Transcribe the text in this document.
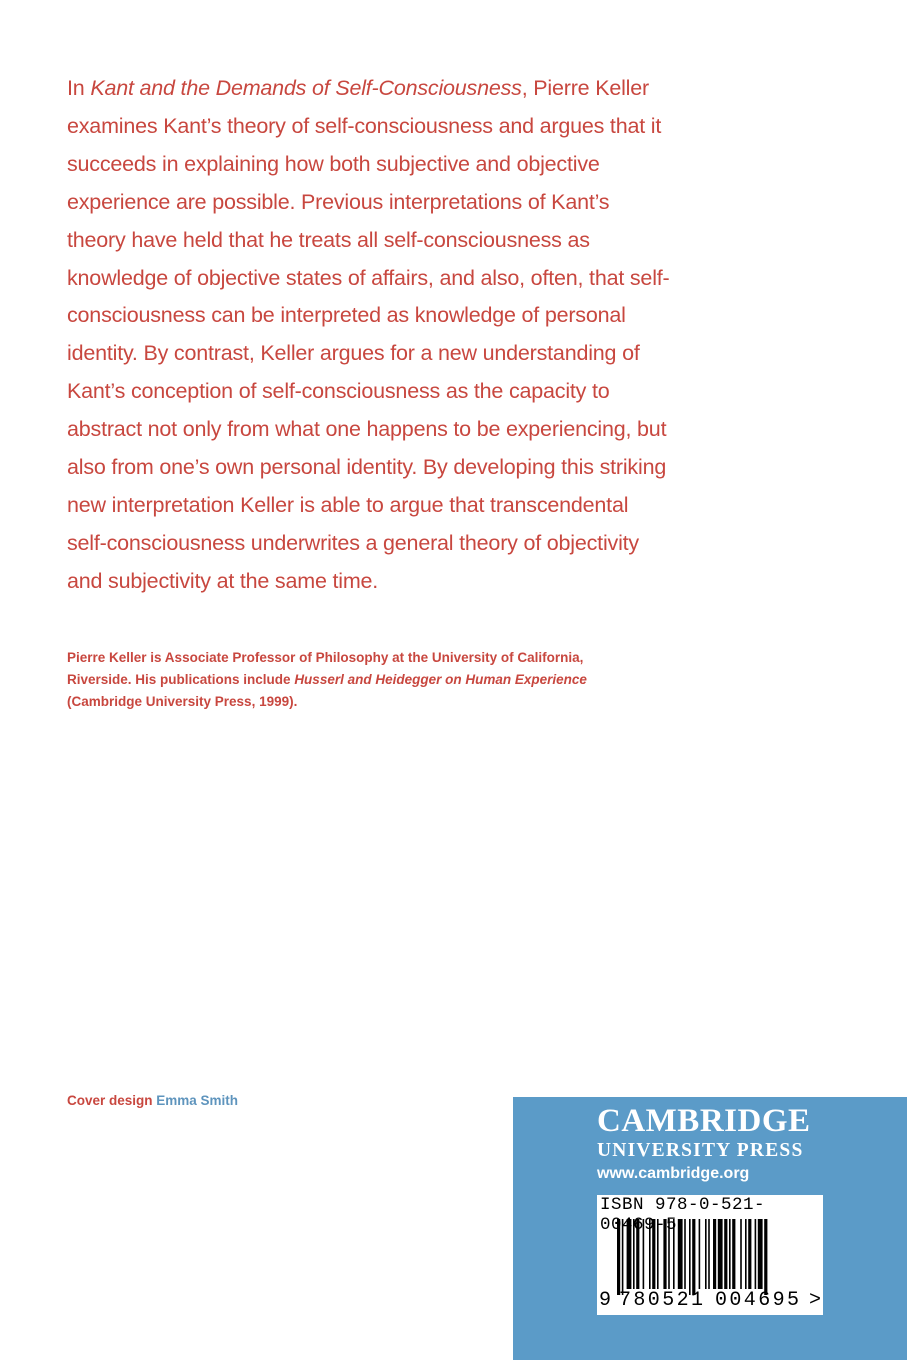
In Kant and the Demands of Self-Consciousness, Pierre Keller examines Kant’s theory of self-consciousness and argues that it succeeds in explaining how both subjective and objective experience are possible. Previous interpretations of Kant’s theory have held that he treats all self-consciousness as knowledge of objective states of affairs, and also, often, that self-consciousness can be interpreted as knowledge of personal identity. By contrast, Keller argues for a new understanding of Kant’s conception of self-consciousness as the capacity to abstract not only from what one happens to be experiencing, but also from one’s own personal identity. By developing this striking new interpretation Keller is able to argue that transcendental self-consciousness underwrites a general theory of objectivity and subjectivity at the same time.

Pierre Keller is Associate Professor of Philosophy at the University of California, Riverside. His publications include Husserl and Heidegger on Human Experience (Cambridge University Press, 1999).
Cover design Emma Smith
CAMBRIDGE
UNIVERSITY PRESS
www.cambridge.org
ISBN 978-0-521-00469-5
9 780521 004695 >
